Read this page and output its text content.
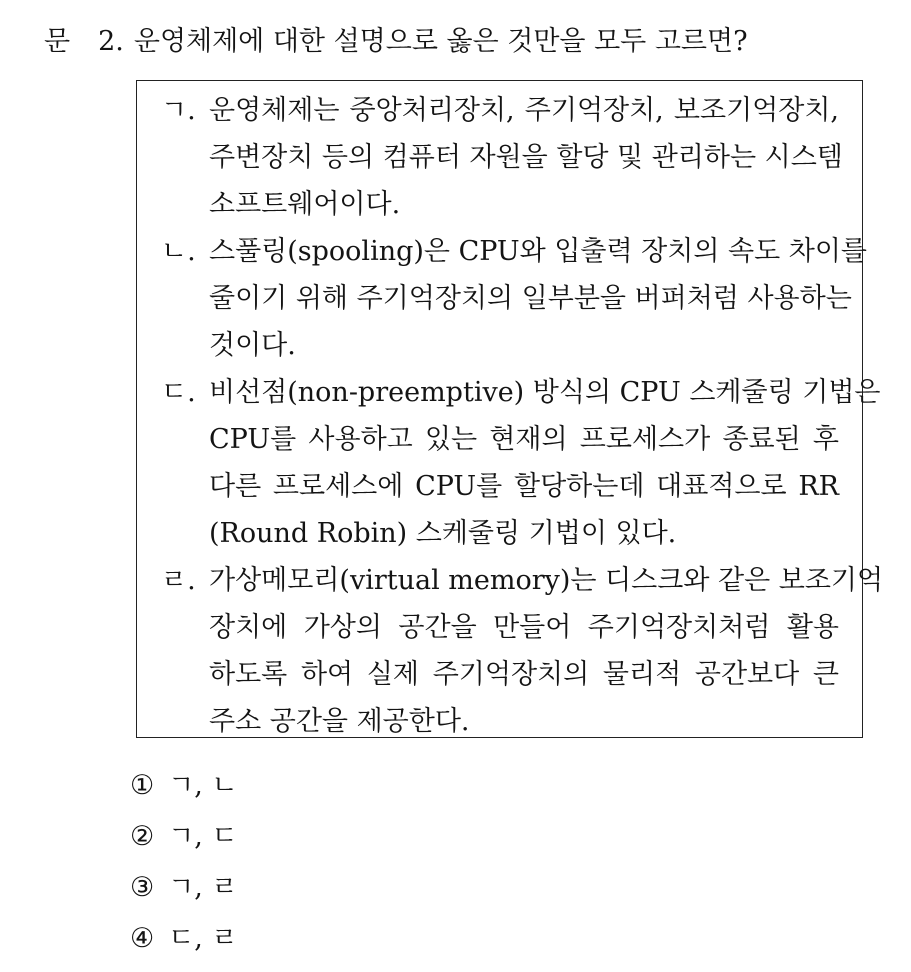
문 2. 운영체제에 대한 설명으로 옳은 것만을 모두 고르면?
ㄱ. 운영체제는 중앙처리장치, 주기억장치, 보조기억장치,
주변장치 등의 컴퓨터 자원을 할당 및 관리하는 시스템
소프트웨어이다.
ㄴ. 스풀링(spooling)은 CPU와 입출력 장치의 속도 차이를
줄이기 위해 주기억장치의 일부분을 버퍼처럼 사용하는
것이다.
ㄷ. 비선점(non-preemptive) 방식의 CPU 스케줄링 기법은
CPU를 사용하고 있는 현재의 프로세스가 종료된 후
다른 프로세스에 CPU를 할당하는데 대표적으로 RR
(Round Robin) 스케줄링 기법이 있다.
ㄹ. 가상메모리(virtual memory)는 디스크와 같은 보조기억
장치에 가상의 공간을 만들어 주기억장치처럼 활용
하도록 하여 실제 주기억장치의 물리적 공간보다 큰
주소 공간을 제공한다.
① ㄱ, ㄴ
② ㄱ, ㄷ
③ ㄱ, ㄹ
④ ㄷ, ㄹ
